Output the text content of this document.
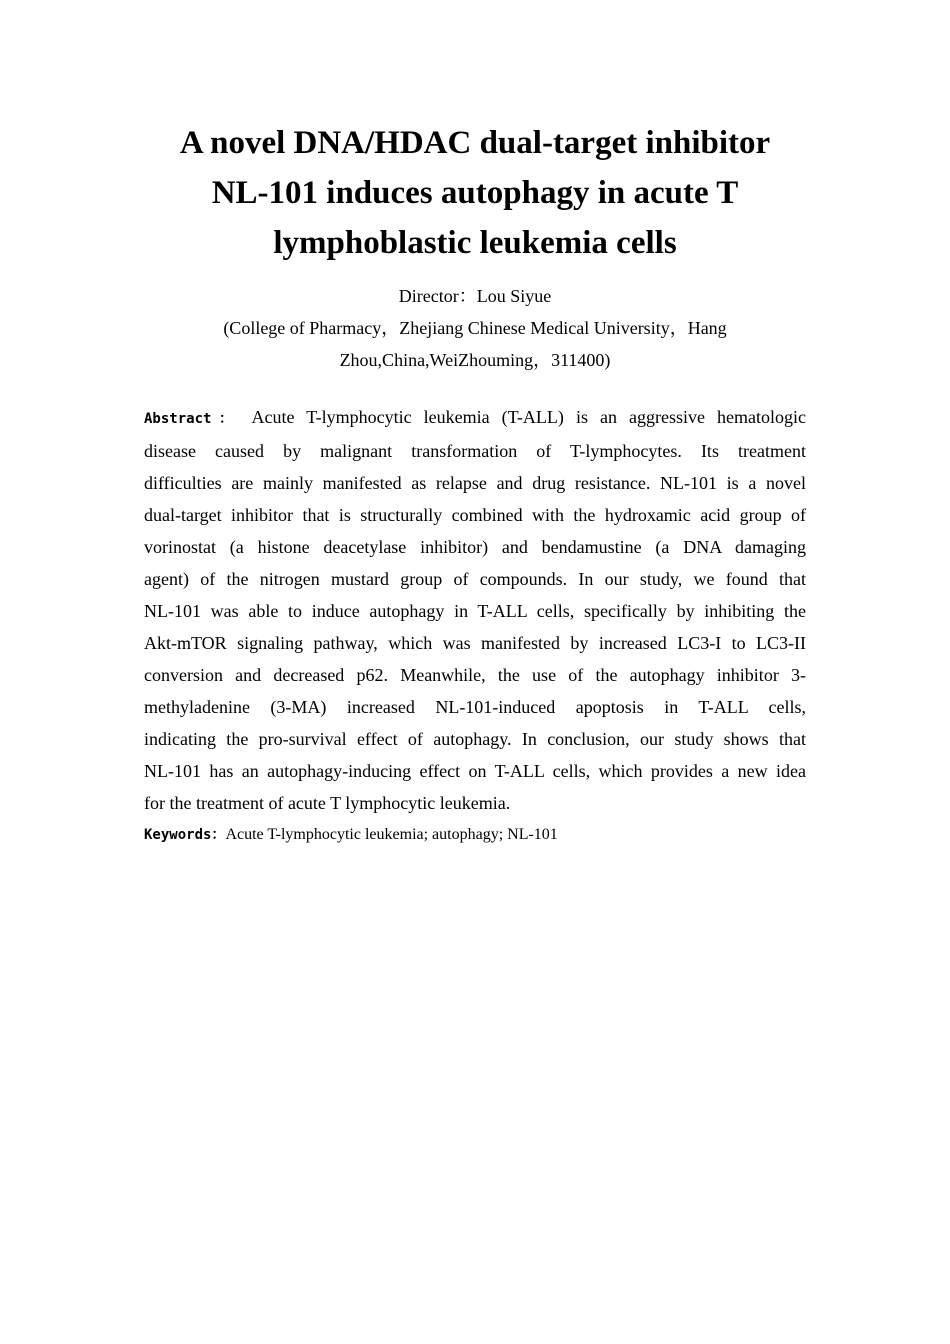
A novel DNA/HDAC dual-target inhibitor
NL-101 induces autophagy in acute T
lymphoblastic leukemia cells
Director：Lou Siyue
(College of Pharmacy，Zhejiang Chinese Medical University，Hang
Zhou,China,WeiZhouming，311400)
Abstract： Acute T-lymphocytic leukemia (T-ALL) is an aggressive hematologic
disease caused by malignant transformation of T-lymphocytes. Its treatment
difficulties are mainly manifested as relapse and drug resistance. NL-101 is a novel
dual-target inhibitor that is structurally combined with the hydroxamic acid group of
vorinostat (a histone deacetylase inhibitor) and bendamustine (a DNA damaging
agent) of the nitrogen mustard group of compounds. In our study, we found that
NL-101 was able to induce autophagy in T-ALL cells, specifically by inhibiting the
Akt-mTOR signaling pathway, which was manifested by increased LC3-I to LC3-II
conversion and decreased p62. Meanwhile, the use of the autophagy inhibitor 3-
methyladenine (3-MA) increased NL-101-induced apoptosis in T-ALL cells,
indicating the pro-survival effect of autophagy. In conclusion, our study shows that
NL-101 has an autophagy-inducing effect on T-ALL cells, which provides a new idea
for the treatment of acute T lymphocytic leukemia.
Keywords：Acute T-lymphocytic leukemia; autophagy; NL-101
